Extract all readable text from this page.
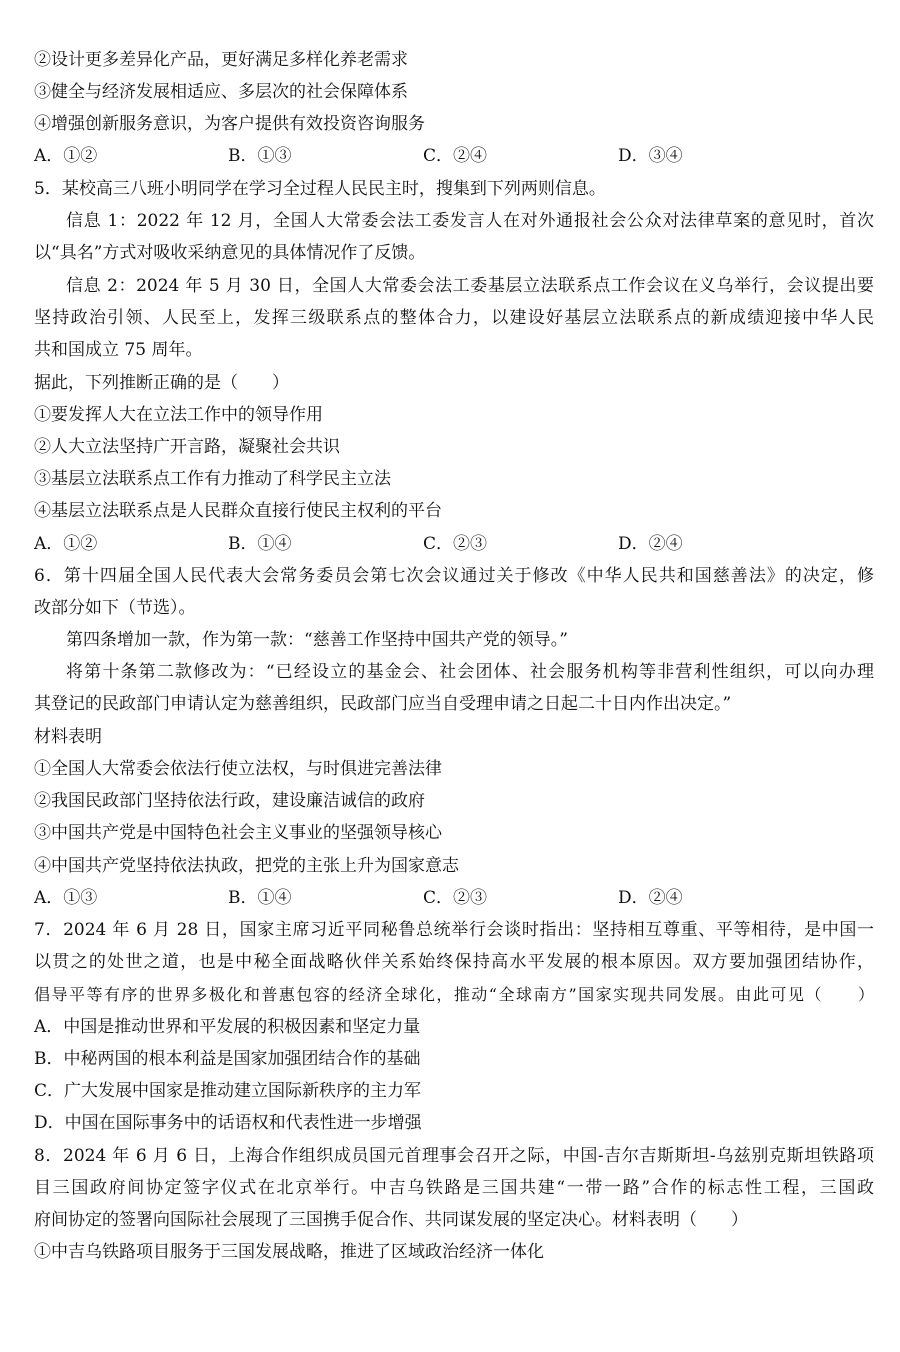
②设计更多差异化产品，更好满足多样化养老需求
③健全与经济发展相适应、多层次的社会保障体系
④增强创新服务意识，为客户提供有效投资咨询服务
A．①②	B．①③	C．②④	D．③④
5．某校高三八班小明同学在学习全过程人民民主时，搜集到下列两则信息。
信息 1：2022 年 12 月，全国人大常委会法工委发言人在对外通报社会公众对法律草案的意见时，首次
以“具名”方式对吸收采纳意见的具体情况作了反馈。
信息 2：2024 年 5 月 30 日，全国人大常委会法工委基层立法联系点工作会议在义乌举行，会议提出要
坚持政治引领、人民至上，发挥三级联系点的整体合力，以建设好基层立法联系点的新成绩迎接中华人民
共和国成立 75 周年。
据此，下列推断正确的是（　　）
①要发挥人大在立法工作中的领导作用
②人大立法坚持广开言路，凝聚社会共识
③基层立法联系点工作有力推动了科学民主立法
④基层立法联系点是人民群众直接行使民主权利的平台
A．①②	B．①④	C．②③	D．②④
6．第十四届全国人民代表大会常务委员会第七次会议通过关于修改《中华人民共和国慈善法》的决定，修
改部分如下（节选）。
第四条增加一款，作为第一款：“慈善工作坚持中国共产党的领导。”
将第十条第二款修改为：“已经设立的基金会、社会团体、社会服务机构等非营利性组织，可以向办理
其登记的民政部门申请认定为慈善组织，民政部门应当自受理申请之日起二十日内作出决定。”
材料表明
①全国人大常委会依法行使立法权，与时俱进完善法律
②我国民政部门坚持依法行政，建设廉洁诚信的政府
③中国共产党是中国特色社会主义事业的坚强领导核心
④中国共产党坚持依法执政，把党的主张上升为国家意志
A．①③	B．①④	C．②③	D．②④
7．2024 年 6 月 28 日，国家主席习近平同秘鲁总统举行会谈时指出：坚持相互尊重、平等相待，是中国一
以贯之的处世之道，也是中秘全面战略伙伴关系始终保持高水平发展的根本原因。双方要加强团结协作，
倡导平等有序的世界多极化和普惠包容的经济全球化，推动“全球南方”国家实现共同发展。由此可见（　　）
A．中国是推动世界和平发展的积极因素和坚定力量
B．中秘两国的根本利益是国家加强团结合作的基础
C．广大发展中国家是推动建立国际新秩序的主力军
D．中国在国际事务中的话语权和代表性进一步增强
8．2024 年 6 月 6 日，上海合作组织成员国元首理事会召开之际，中国-吉尔吉斯斯坦-乌兹别克斯坦铁路项
目三国政府间协定签字仪式在北京举行。中吉乌铁路是三国共建“一带一路”合作的标志性工程，三国政
府间协定的签署向国际社会展现了三国携手促合作、共同谋发展的坚定决心。材料表明（　　）
①中吉乌铁路项目服务于三国发展战略，推进了区域政治经济一体化
